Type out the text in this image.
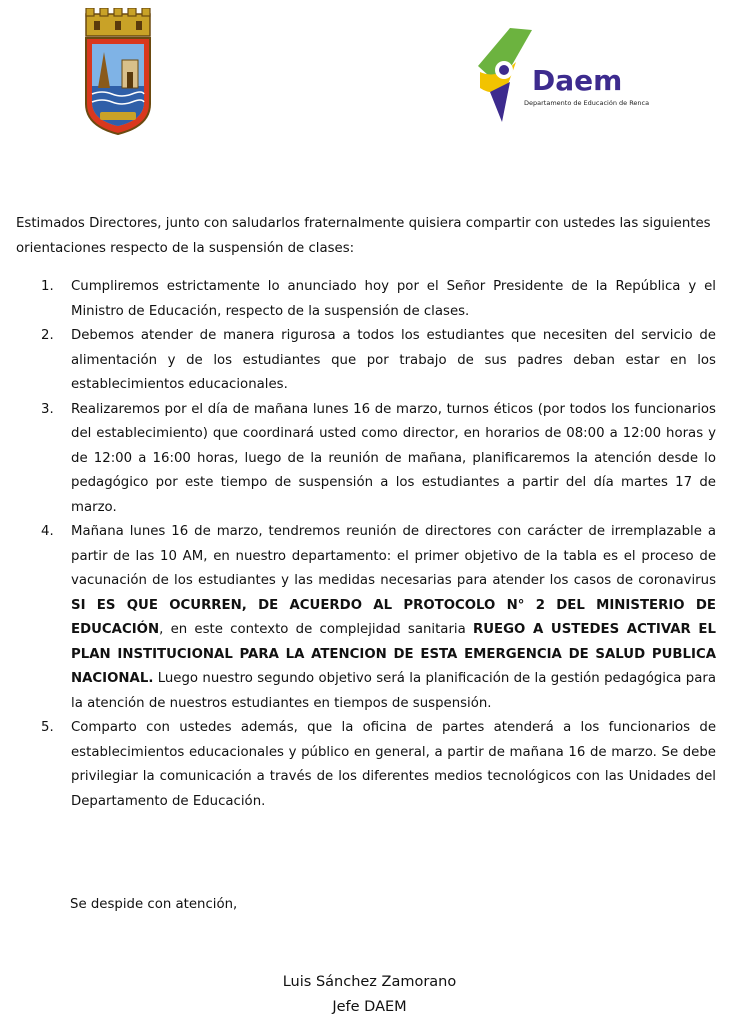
Daem
Departamento de Educación de Renca

Estimados Directores, junto con saludarlos fraternalmente quisiera compartir con ustedes las siguientes orientaciones respecto de la suspensión de clases:

1. Cumpliremos estrictamente lo anunciado hoy por el Señor Presidente de la República y el Ministro de Educación, respecto de la suspensión de clases.
2. Debemos atender de manera rigurosa a todos los estudiantes que necesiten del servicio de alimentación y de los estudiantes que por trabajo de sus padres deban estar en los establecimientos educacionales.
3. Realizaremos por el día de mañana lunes 16 de marzo, turnos éticos (por todos los funcionarios del establecimiento) que coordinará usted como director, en horarios de 08:00 a 12:00 horas y de 12:00 a 16:00 horas, luego de la reunión de mañana, planificaremos la atención desde lo pedagógico por este tiempo de suspensión a los estudiantes a partir del día martes 17 de marzo.
4. Mañana lunes 16 de marzo, tendremos reunión de directores con carácter de irremplazable a partir de las 10 AM, en nuestro departamento: el primer objetivo de la tabla es el proceso de vacunación de los estudiantes y las medidas necesarias para atender los casos de coronavirus SI ES QUE OCURREN, DE ACUERDO AL PROTOCOLO N° 2 DEL MINISTERIO DE EDUCACIÓN, en este contexto de complejidad sanitaria RUEGO A USTEDES ACTIVAR EL PLAN INSTITUCIONAL PARA LA ATENCION DE ESTA EMERGENCIA DE SALUD PUBLICA NACIONAL. Luego nuestro segundo objetivo será la planificación de la gestión pedagógica para la atención de nuestros estudiantes en tiempos de suspensión.
5. Comparto con ustedes además, que la oficina de partes atenderá a los funcionarios de establecimientos educacionales y público en general, a partir de mañana 16 de marzo. Se debe privilegiar la comunicación a través de los diferentes medios tecnológicos con las Unidades del Departamento de Educación.

Se despide con atención,

Luis Sánchez Zamorano

Jefe DAEM
